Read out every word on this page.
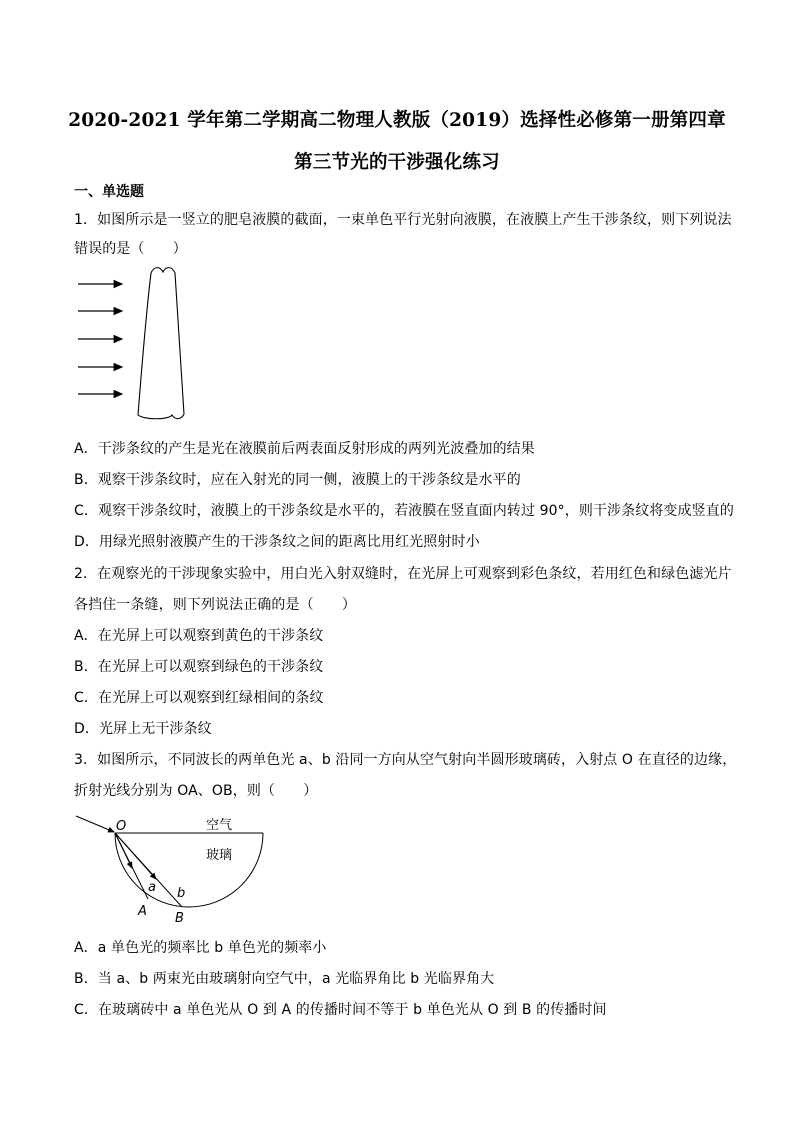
2020-2021 学年第二学期高二物理人教版（2019）选择性必修第一册第四章
第三节光的干涉强化练习
一、单选题
1．如图所示是一竖立的肥皂液膜的截面，一束单色平行光射向液膜，在液膜上产生干涉条纹，则下列说法
错误的是（　　）
A．干涉条纹的产生是光在液膜前后两表面反射形成的两列光波叠加的结果
B．观察干涉条纹时，应在入射光的同一侧，液膜上的干涉条纹是水平的
C．观察干涉条纹时，液膜上的干涉条纹是水平的，若液膜在竖直面内转过 90°，则干涉条纹将变成竖直的
D．用绿光照射液膜产生的干涉条纹之间的距离比用红光照射时小
2．在观察光的干涉现象实验中，用白光入射双缝时，在光屏上可观察到彩色条纹，若用红色和绿色滤光片
各挡住一条缝，则下列说法正确的是（　　）
A．在光屏上可以观察到黄色的干涉条纹
B．在光屏上可以观察到绿色的干涉条纹
C．在光屏上可以观察到红绿相间的条纹
D．光屏上无干涉条纹
3．如图所示，不同波长的两单色光 a、b 沿同一方向从空气射向半圆形玻璃砖，入射点 O 在直径的边缘，
折射光线分别为 OA、OB，则（　　）
O	空气
玻璃
a b
A B
A．a 单色光的频率比 b 单色光的频率小
B．当 a、b 两束光由玻璃射向空气中，a 光临界角比 b 光临界角大
C．在玻璃砖中 a 单色光从 O 到 A 的传播时间不等于 b 单色光从 O 到 B 的传播时间
